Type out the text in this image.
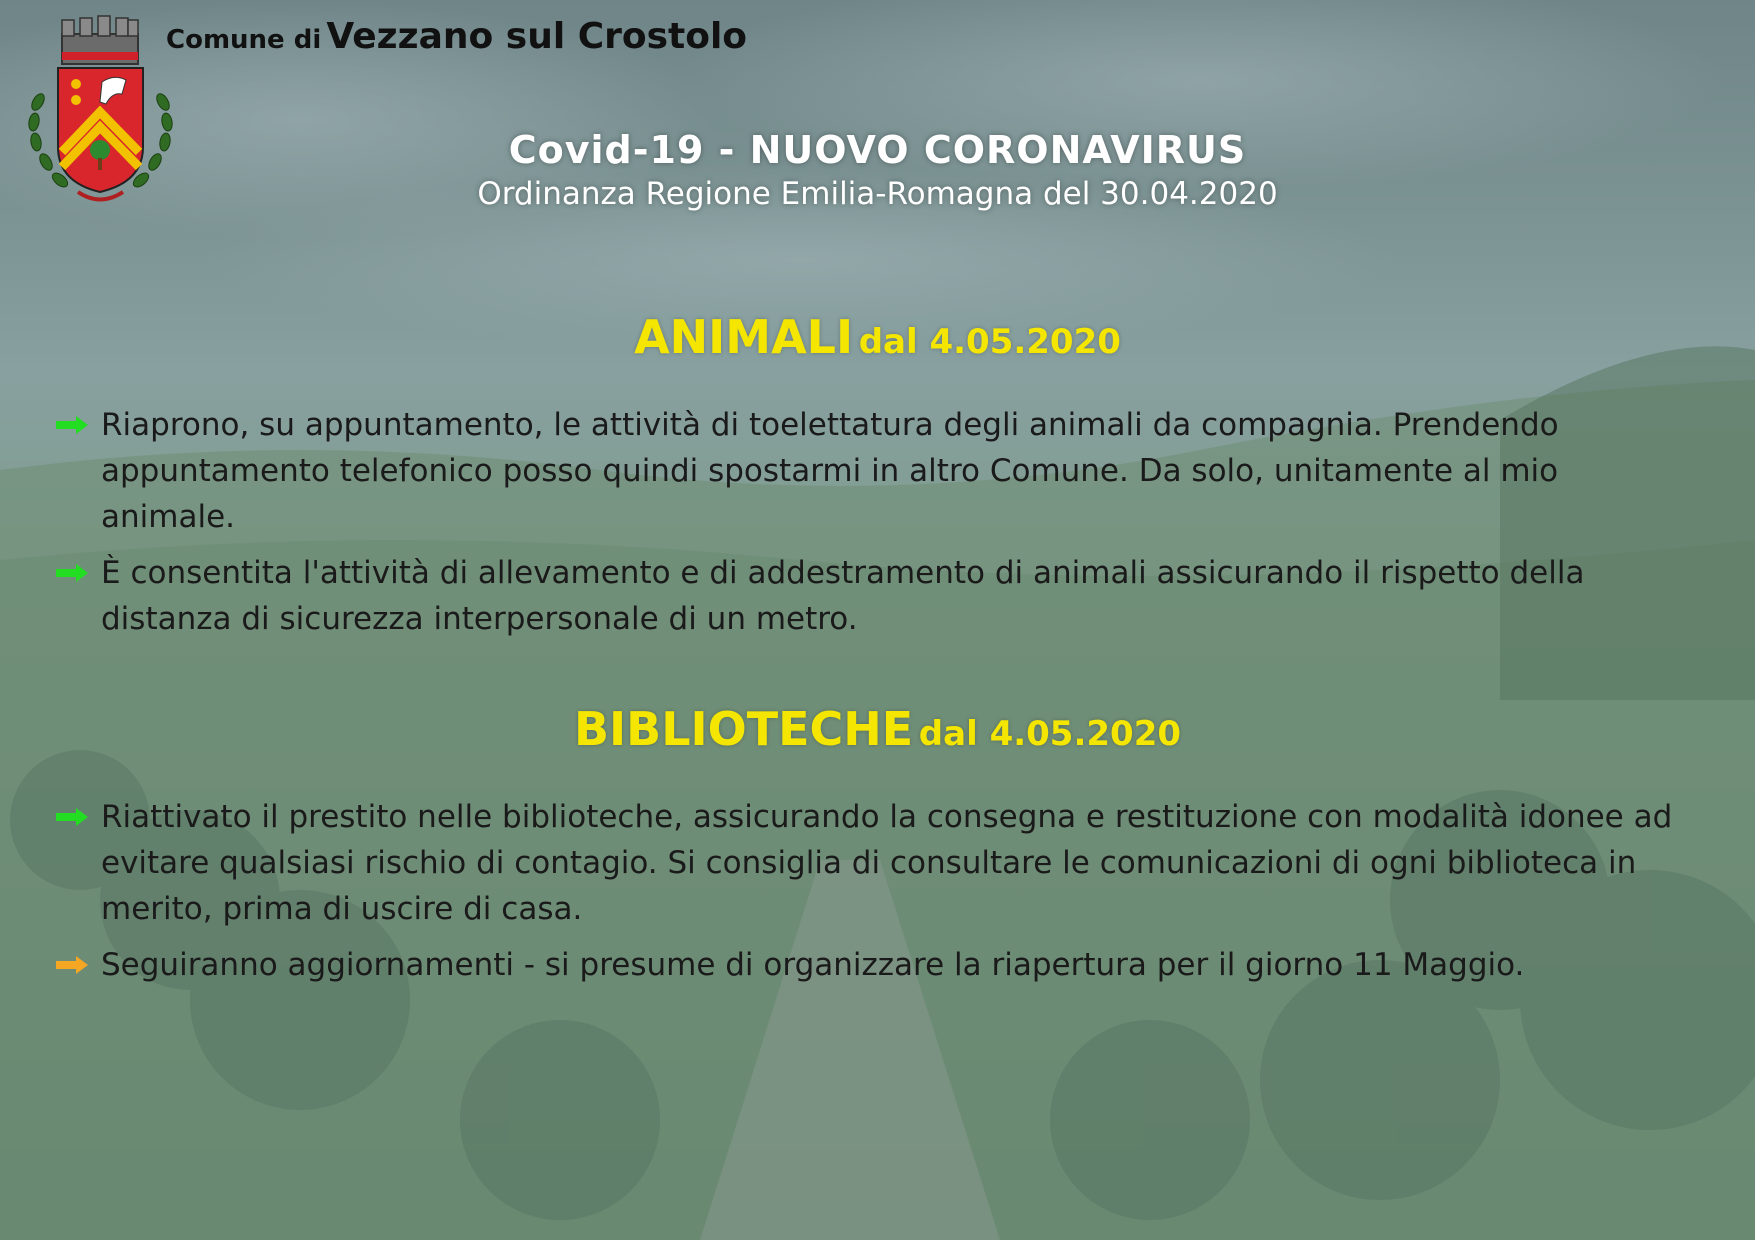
Comune di Vezzano sul Crostolo
Covid-19 - NUOVO CORONAVIRUS
Ordinanza Regione Emilia-Romagna del 30.04.2020
ANIMALI dal 4.05.2020
Riaprono, su appuntamento, le attività di toelettatura degli animali da compagnia. Prendendo appuntamento telefonico posso quindi spostarmi in altro Comune. Da solo, unitamente al mio animale.
È consentita l'attività di allevamento e di addestramento di animali assicurando il rispetto della distanza di sicurezza interpersonale di un metro.
BIBLIOTECHE dal 4.05.2020
Riattivato il prestito nelle biblioteche, assicurando la consegna e restituzione con modalità idonee ad evitare qualsiasi rischio di contagio. Si consiglia di consultare le comunicazioni di ogni biblioteca in merito, prima di uscire di casa.
Seguiranno aggiornamenti - si presume di organizzare la riapertura per il giorno 11 Maggio.
